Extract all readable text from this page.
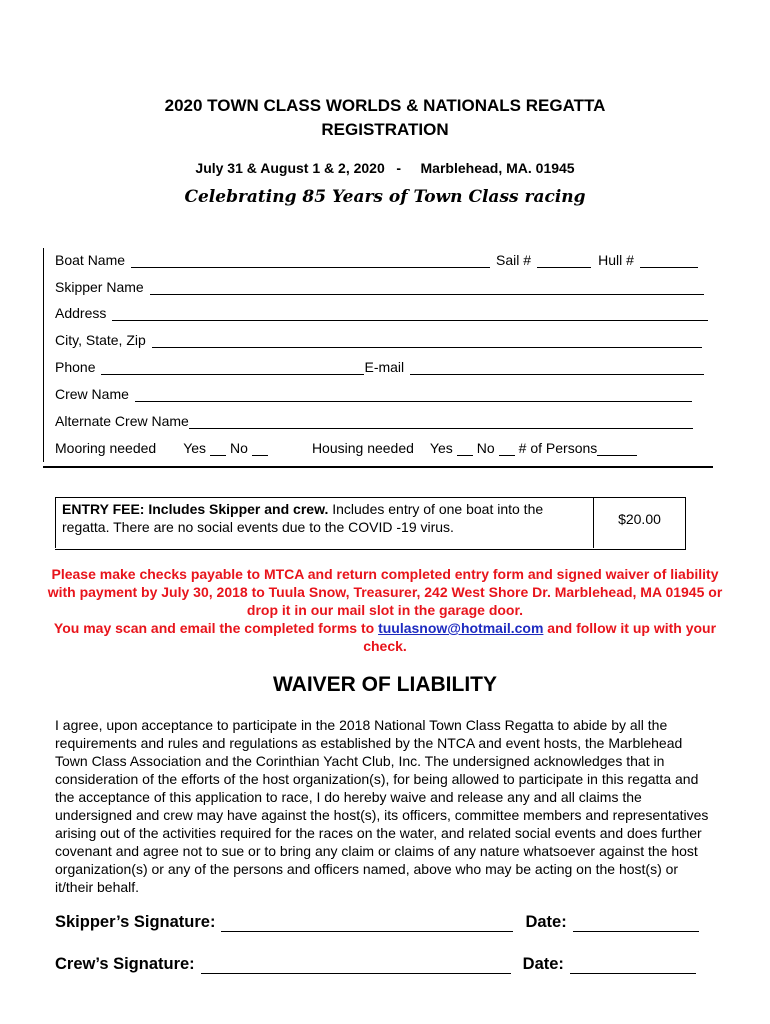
2020 TOWN CLASS WORLDS & NATIONALS REGATTA
REGISTRATION
July 31 & August 1 & 2, 2020   -     Marblehead, MA. 01945
Celebrating 85 Years of Town Class racing
Boat Name	Sail #	Hull #
Skipper Name
Address
City, State, Zip
Phone	E-mail
Crew Name
Alternate Crew Name
Mooring needed Yes No	Housing needed Yes No # of Persons
ENTRY FEE: Includes Skipper and crew. Includes entry of one boat into the regatta. There are no social events due to the COVID -19 virus.	$20.00
Please make checks payable to MTCA and return completed entry form and signed waiver of liability with payment by July 30, 2018 to Tuula Snow, Treasurer, 242 West Shore Dr. Marblehead, MA 01945 or drop it in our mail slot in the garage door.
You may scan and email the completed forms to tuulasnow@hotmail.com and follow it up with your check.
WAIVER OF LIABILITY
I agree, upon acceptance to participate in the 2018 National Town Class Regatta to abide by all the requirements and rules and regulations as established by the NTCA and event hosts, the Marblehead Town Class Association and the Corinthian Yacht Club, Inc. The undersigned acknowledges that in consideration of the efforts of the host organization(s), for being allowed to participate in this regatta and the acceptance of this application to race, I do hereby waive and release any and all claims the undersigned and crew may have against the host(s), its officers, committee members and representatives arising out of the activities required for the races on the water, and related social events and does further covenant and agree not to sue or to bring any claim or claims of any nature whatsoever against the host organization(s) or any of the persons and officers named, above who may be acting on the host(s) or it/their behalf.
Skipper’s Signature:	Date:
Crew’s Signature:	Date:
